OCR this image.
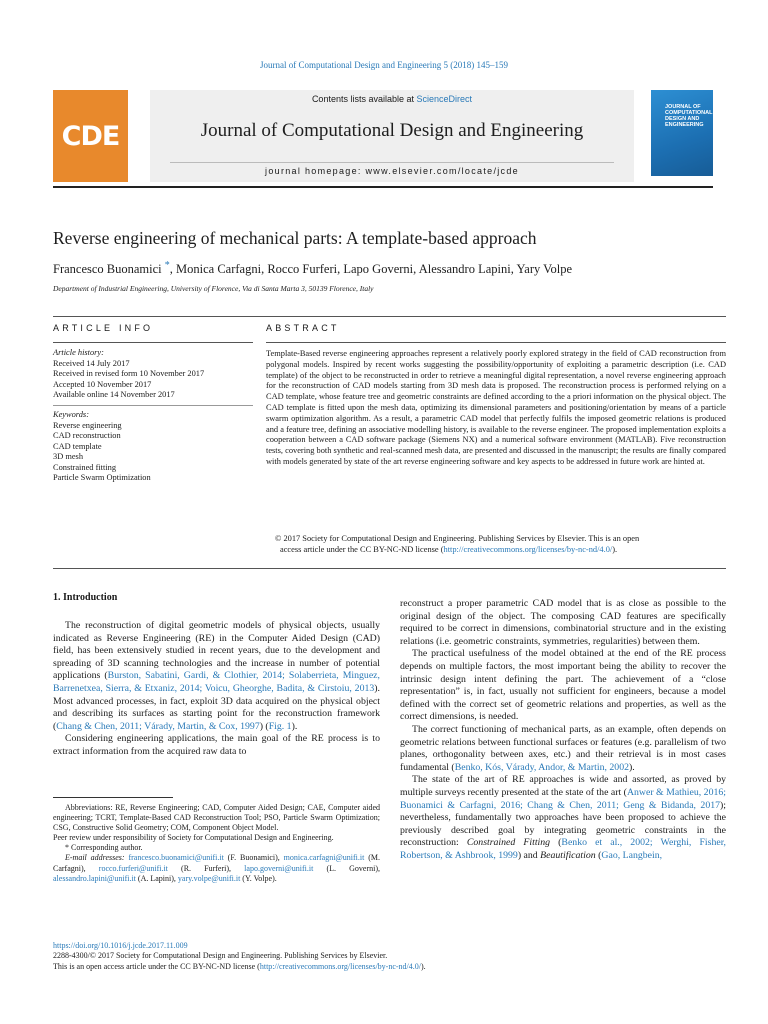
Journal of Computational Design and Engineering 5 (2018) 145–159
CDE
Contents lists available at ScienceDirect
Journal of Computational Design and Engineering
journal homepage: www.elsevier.com/locate/jcde
JOURNAL OF
COMPUTATIONAL
DESIGN AND
ENGINEERING
Reverse engineering of mechanical parts: A template-based approach
Francesco Buonamici *, Monica Carfagni, Rocco Furferi, Lapo Governi, Alessandro Lapini, Yary Volpe
Department of Industrial Engineering, University of Florence, Via di Santa Marta 3, 50139 Florence, Italy
ARTICLE INFO	ABSTRACT
Article history:
Received 14 July 2017
Received in revised form 10 November 2017
Accepted 10 November 2017
Available online 14 November 2017
Keywords:
Reverse engineering
CAD reconstruction
CAD template
3D mesh
Constrained fitting
Particle Swarm Optimization
Template-Based reverse engineering approaches represent a relatively poorly explored strategy in the field of CAD reconstruction from polygonal models. Inspired by recent works suggesting the possibility/opportunity of exploiting a parametric description (i.e. CAD template) of the object to be reconstructed in order to retrieve a meaningful digital representation, a novel reverse engineering approach for the reconstruction of CAD models starting from 3D mesh data is proposed. The reconstruction process is performed relying on a CAD template, whose feature tree and geometric constraints are defined according to the a priori information on the physical object. The CAD template is fitted upon the mesh data, optimizing its dimensional parameters and positioning/orientation by means of a particle swarm optimization algorithm. As a result, a parametric CAD model that perfectly fulfils the imposed geometric relations is produced and a feature tree, defining an associative modelling history, is available to the reverse engineer. The proposed implementation exploits a cooperation between a CAD software package (Siemens NX) and a numerical software environment (MATLAB). Five reconstruction tests, covering both synthetic and real-scanned mesh data, are presented and discussed in the manuscript; the results are finally compared with models generated by state of the art reverse engineering software and key aspects to be addressed in future work are hinted at.
© 2017 Society for Computational Design and Engineering. Publishing Services by Elsevier. This is an open
access article under the CC BY-NC-ND license (http://creativecommons.org/licenses/by-nc-nd/4.0/).
1. Introduction

The reconstruction of digital geometric models of physical objects, usually indicated as Reverse Engineering (RE) in the Computer Aided Design (CAD) field, has been extensively studied in recent years, due to the development and spreading of 3D scanning technologies and the increase in number of potential applications (Burston, Sabatini, Gardi, & Clothier, 2014; Solaberrieta, Minguez, Barrenetxea, Sierra, & Etxaniz, 2014; Voicu, Gheorghe, Badita, & Cirstoiu, 2013). Most advanced processes, in fact, exploit 3D data acquired on the physical object and describing its surfaces as starting point for the reconstruction framework (Chang & Chen, 2011; Várady, Martin, & Cox, 1997) (Fig. 1).

Considering engineering applications, the main goal of the RE process is to extract information from the acquired raw data to

Abbreviations: RE, Reverse Engineering; CAD, Computer Aided Design; CAE, Computer aided engineering; TCRT, Template-Based CAD Reconstruction Tool; PSO, Particle Swarm Optimization; CSG, Constructive Solid Geometry; COM, Component Object Model.

Peer review under responsibility of Society for Computational Design and Engineering.

* Corresponding author.

E-mail addresses: francesco.buonamici@unifi.it (F. Buonamici), monica.carfagni@unifi.it (M. Carfagni), rocco.furferi@unifi.it (R. Furferi), lapo.governi@unifi.it (L. Governi), alessandro.lapini@unifi.it (A. Lapini), yary.volpe@unifi.it (Y. Volpe).

reconstruct a proper parametric CAD model that is as close as possible to the original design of the object. The composing CAD features are specifically required to be correct in dimensions, combinatorial structure and in the existing relations (i.e. geometric constraints, symmetries, regularities) between them.

The practical usefulness of the model obtained at the end of the RE process depends on multiple factors, the most important being the ability to recover the intrinsic design intent defining the part. The achievement of a “close representation” is, in fact, usually not sufficient for engineers, because a model defined with the correct set of geometric relations and properties, as well as the correct dimensions, is needed.

The correct functioning of mechanical parts, as an example, often depends on geometric relations between functional surfaces or features (e.g. parallelism of two planes, orthogonality between axes, etc.) and their retrieval is in most cases fundamental (Benko, Kós, Várady, Andor, & Martin, 2002).

The state of the art of RE approaches is wide and assorted, as proved by multiple surveys recently presented at the state of the art (Anwer & Mathieu, 2016; Buonamici & Carfagni, 2016; Chang & Chen, 2011; Geng & Bidanda, 2017); nevertheless, fundamentally two approaches have been proposed to achieve the previously described goal by integrating geometric constraints in the reconstruction: Constrained Fitting (Benko et al., 2002; Werghi, Fisher, Robertson, & Ashbrook, 1999) and Beautification (Gao, Langbein,

https://doi.org/10.1016/j.jcde.2017.11.009
2288-4300/© 2017 Society for Computational Design and Engineering. Publishing Services by Elsevier.
This is an open access article under the CC BY-NC-ND license (http://creativecommons.org/licenses/by-nc-nd/4.0/).
